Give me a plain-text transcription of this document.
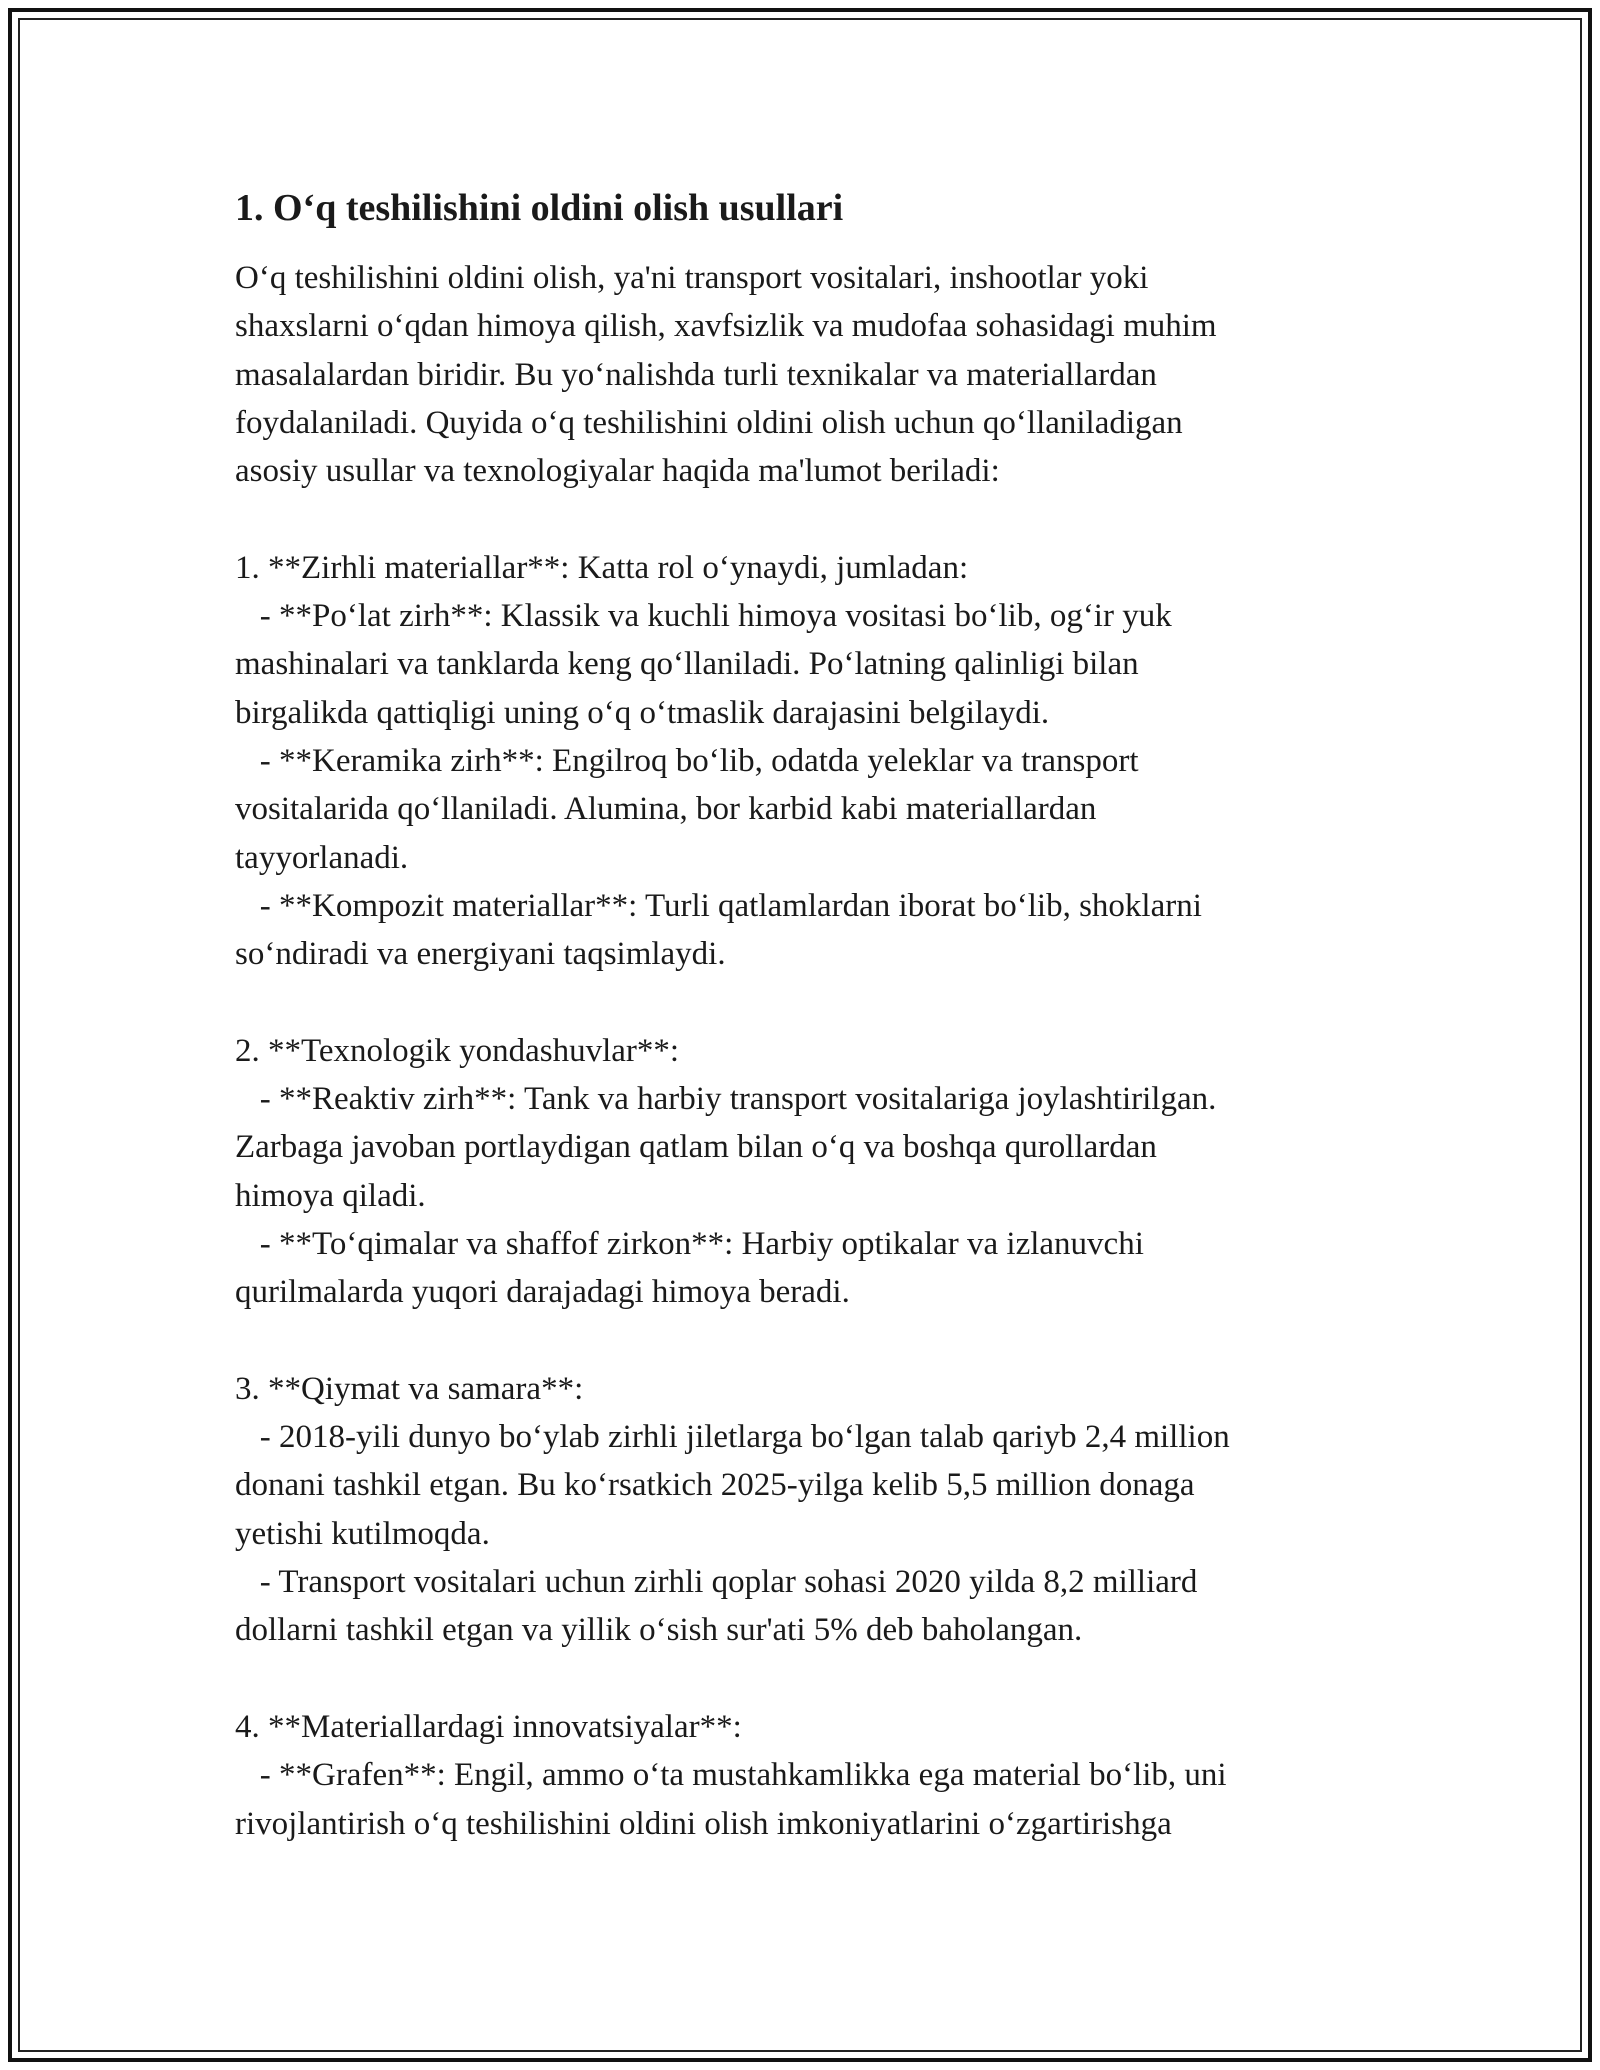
1. O‘q teshilishini oldini olish usullari

O‘q teshilishini oldini olish, ya'ni transport vositalari, inshootlar yoki
shaxslarni o‘qdan himoya qilish, xavfsizlik va mudofaa sohasidagi muhim
masalalardan biridir. Bu yo‘nalishda turli texnikalar va materiallardan
foydalaniladi. Quyida o‘q teshilishini oldini olish uchun qo‘llaniladigan
asosiy usullar va texnologiyalar haqida ma'lumot beriladi:

1. **Zirhli materiallar**: Katta rol o‘ynaydi, jumladan:
- **Po‘lat zirh**: Klassik va kuchli himoya vositasi bo‘lib, og‘ir yuk
mashinalari va tanklarda keng qo‘llaniladi. Po‘latning qalinligi bilan
birgalikda qattiqligi uning o‘q o‘tmaslik darajasini belgilaydi.
- **Keramika zirh**: Engilroq bo‘lib, odatda yeleklar va transport
vositalarida qo‘llaniladi. Alumina, bor karbid kabi materiallardan
tayyorlanadi.
- **Kompozit materiallar**: Turli qatlamlardan iborat bo‘lib, shoklarni
so‘ndiradi va energiyani taqsimlaydi.

2. **Texnologik yondashuvlar**:
- **Reaktiv zirh**: Tank va harbiy transport vositalariga joylashtirilgan.
Zarbaga javoban portlaydigan qatlam bilan o‘q va boshqa qurollardan
himoya qiladi.
- **To‘qimalar va shaffof zirkon**: Harbiy optikalar va izlanuvchi
qurilmalarda yuqori darajadagi himoya beradi.

3. **Qiymat va samara**:
- 2018-yili dunyo bo‘ylab zirhli jiletlarga bo‘lgan talab qariyb 2,4 million
donani tashkil etgan. Bu ko‘rsatkich 2025-yilga kelib 5,5 million donaga
yetishi kutilmoqda.
- Transport vositalari uchun zirhli qoplar sohasi 2020 yilda 8,2 milliard
dollarni tashkil etgan va yillik o‘sish sur'ati 5% deb baholangan.

4. **Materiallardagi innovatsiyalar**:
- **Grafen**: Engil, ammo o‘ta mustahkamlikka ega material bo‘lib, uni
rivojlantirish o‘q teshilishini oldini olish imkoniyatlarini o‘zgartirishga
